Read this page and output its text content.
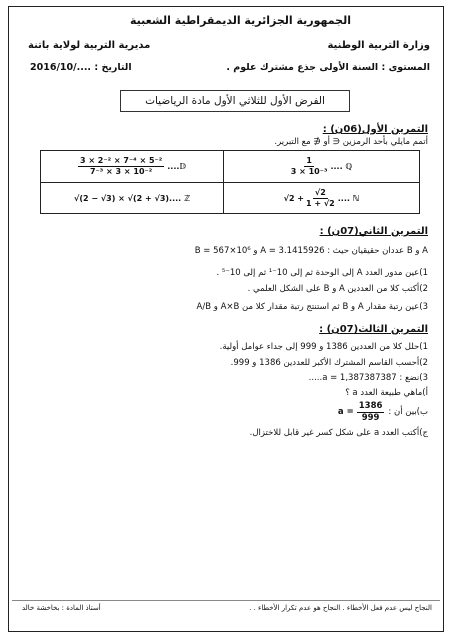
الجمهورية الجزائرية الديمقراطية الشعبية
وزارة التربية الوطنية
مديرية التربية لولاية باتنة
المستوى : السنة الأولى جذع مشترك علوم .
التاريخ : 2016/10/....
الفرض الأول للثلاثي الأول مادة الرياضيات
التمرين الأول(06ن) :
أتمم مايلي بأحد الرمزين ∈ أو ∉ مع التبرير.
$\frac{1}{\text{3 × 10⁻³}}$ .... ℚ
$\frac{\text{3 × 2⁻² × 7⁻⁴ × 5⁻²}}{\text{7⁻³ × 3 × 10⁻²}}$ ....𝔻
$√2 + \frac{√2}{1 + √2}$ .... ℕ
√(2 − √3) × √(2 + √3).... ℤ
التمرين الثاني(07ن) :
A و B عددان حقيقيان حيث : A = 3.1415926 و B = 567×10⁶
1)عين مدور العدد A إلى الوحدة ثم إلى 10⁻¹ ثم إلى 10⁻⁵ .
2)أكتب كلا من العددين A و B على الشكل العلمي .
3)عين رتبة مقدار A و B ثم استنتج رتبة مقدار كلا من A×B و A/B
التمرين الثالث(07ن) :
1)حلل كلا من العددين 1386 و 999 إلى جداء عوامل أولية.
2)أحسب القاسم المشترك الأكبر للعددين 1386 و 999.
3)نضع : a = 1,387387387.....
أ)ماهي طبيعة العدد a ؟
ب)بين أن :
$a = \frac{1386}{999}$
ج)أكتب العدد a على شكل كسر غير قابل للاختزال.
النجاح ليس عدم فعل الأخطاء . النجاح هو عدم تكرار الأخطاء . .
أستاذ المادة : بخاخشة خالد
